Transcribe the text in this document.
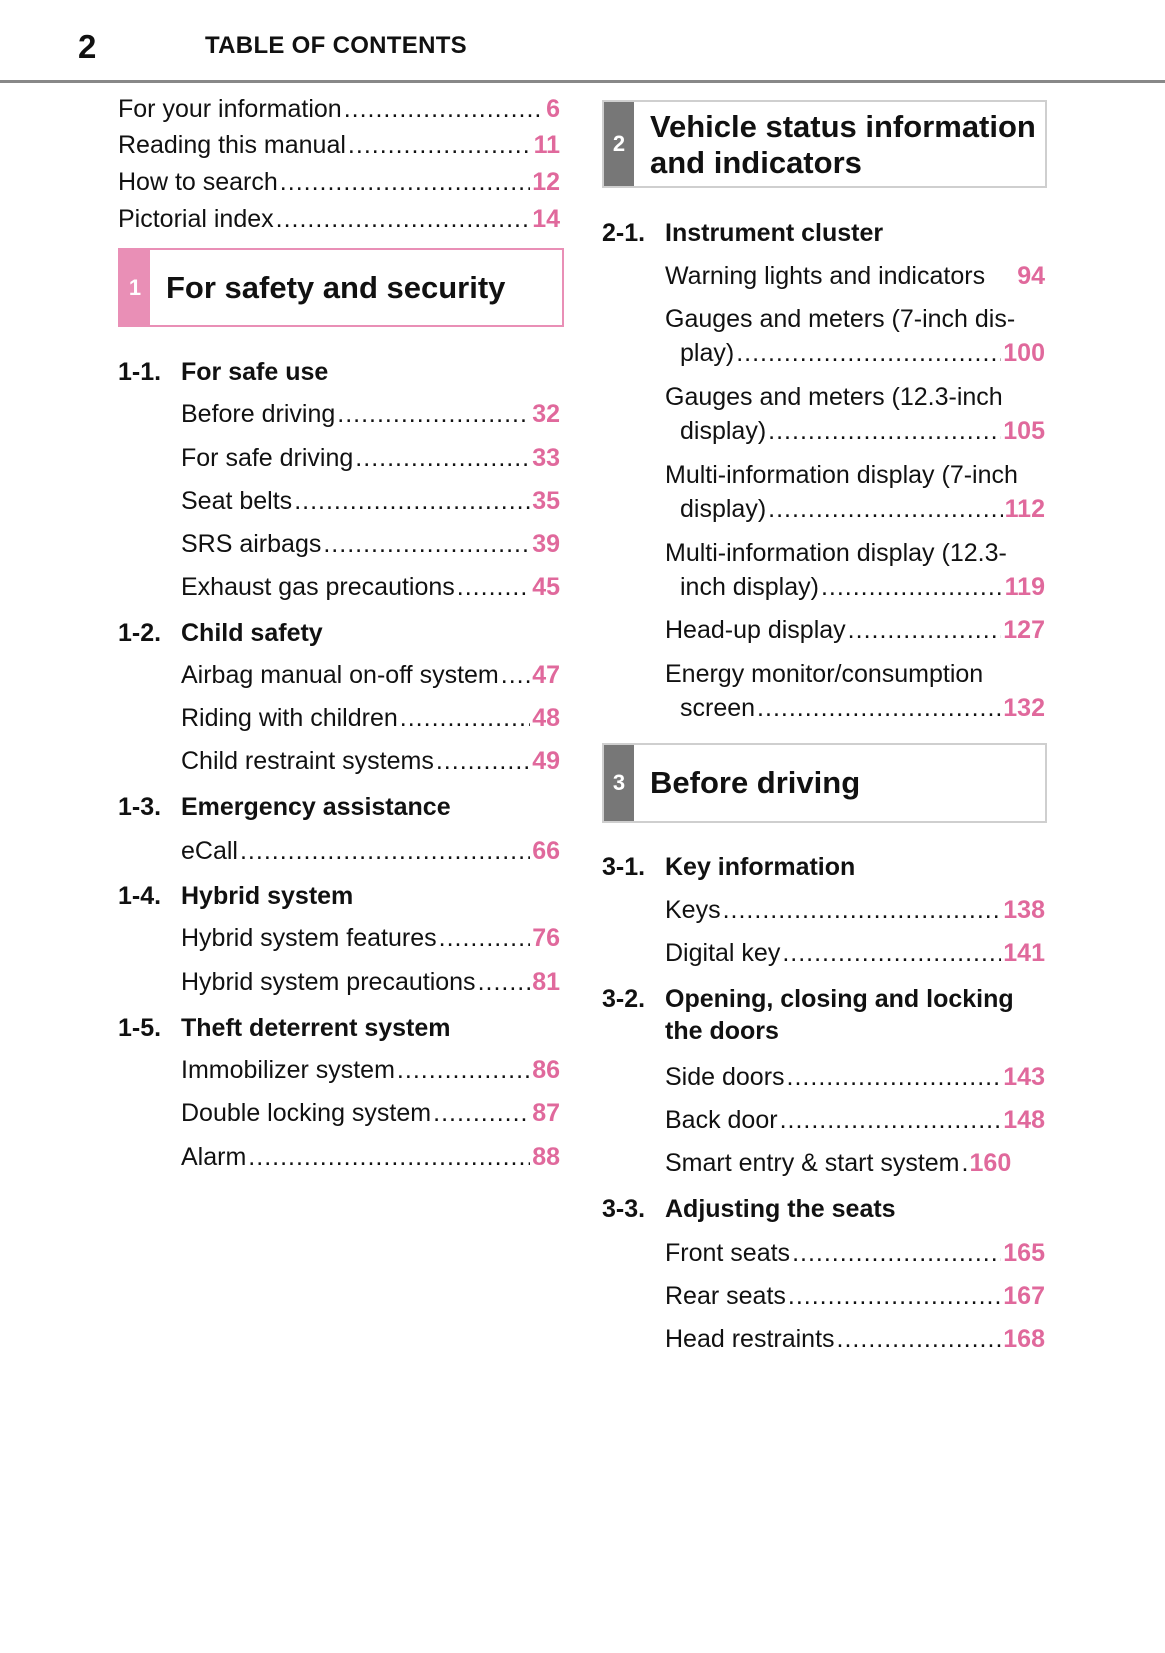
2	TABLE OF CONTENTS
For your information .....	6
Reading this manual .....	11
How to search .....	12
Pictorial index .....	14
1 For safety and security
1-1. For safe use
Before driving .....	32
For safe driving .....	33
Seat belts .....	35
SRS airbags .....	39
Exhaust gas precautions .....	45
1-2. Child safety
Airbag manual on-off system ..... 47
Riding with children .....	48
Child restraint systems .....	49
1-3. Emergency assistance
eCall .....	66
1-4. Hybrid system
Hybrid system features .....	76
Hybrid system precautions ..... 81
1-5. Theft deterrent system
Immobilizer system .....	86
Double locking system .....	87
Alarm .....	88
2 Vehicle status information
and indicators
2-1. Instrument cluster
Warning lights and indicators 94
Gauges and meters (7-inch dis-
play) .....	100
Gauges and meters (12.3-inch
display) .....	105
Multi-information display (7-inch
display) .....	112
Multi-information display (12.3-
inch display) .....	119
Head-up display .....	127
Energy monitor/consumption
screen .....	132
3 Before driving
3-1. Key information
Keys .....	138
Digital key .....	141
3-2. Opening, closing and locking
the doors
Side doors .....	143
Back door .....	148
Smart entry & start system ..... 160
3-3. Adjusting the seats
Front seats .....	165
Rear seats .....	167
Head restraints .....	168
